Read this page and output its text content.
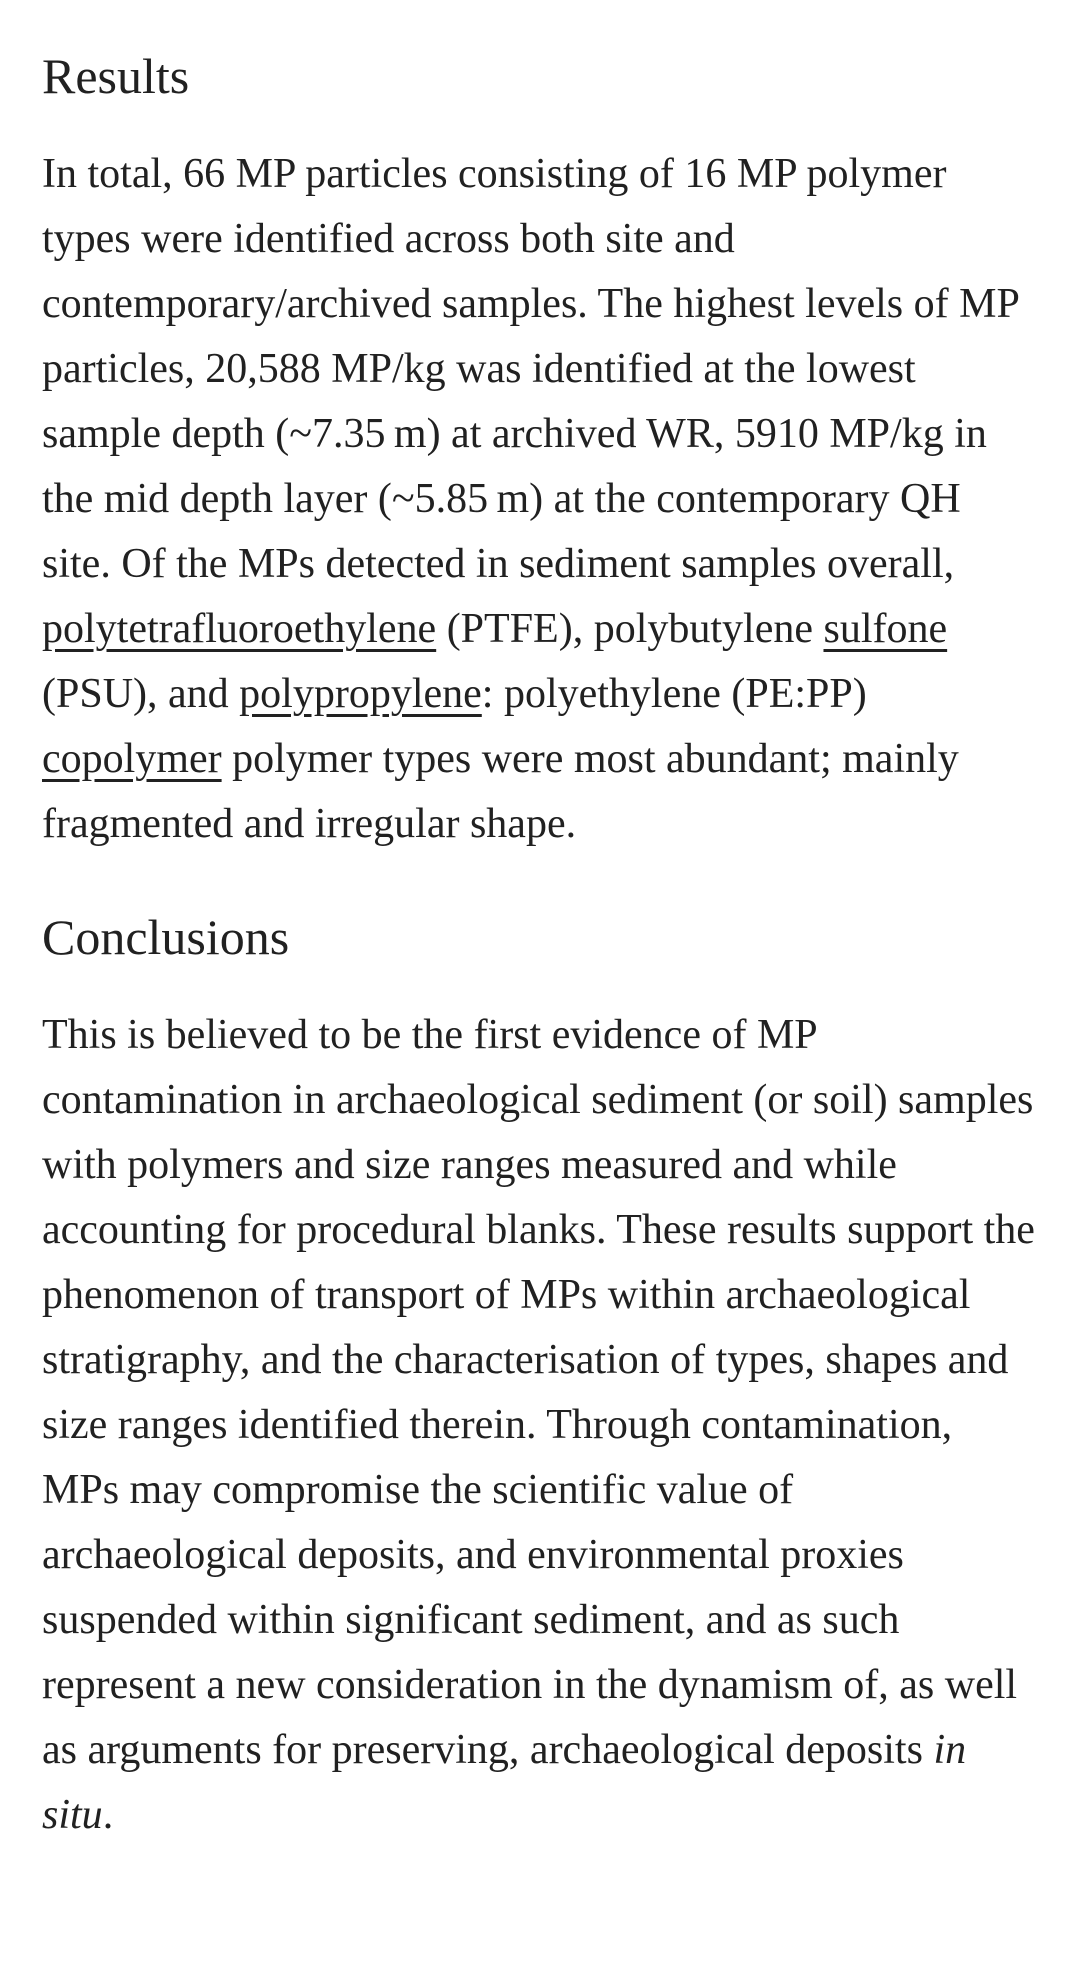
Results

In total, 66 MP particles consisting of 16 MP polymer types were identified across both site and contemporary/archived samples. The highest levels of MP particles, 20,588 MP/kg was identified at the lowest sample depth (~7.35 m) at archived WR, 5910 MP/kg in the mid depth layer (~5.85 m) at the contemporary QH site. Of the MPs detected in sediment samples overall, polytetrafluoroethylene (PTFE), polybutylene sulfone (PSU), and polypropylene: polyethylene (PE:PP) copolymer polymer types were most abundant; mainly fragmented and irregular shape.

Conclusions

This is believed to be the first evidence of MP contamination in archaeological sediment (or soil) samples with polymers and size ranges measured and while accounting for procedural blanks. These results support the phenomenon of transport of MPs within archaeological stratigraphy, and the characterisation of types, shapes and size ranges identified therein. Through contamination, MPs may compromise the scientific value of archaeological deposits, and environmental proxies suspended within significant sediment, and as such represent a new consideration in the dynamism of, as well as arguments for preserving, archaeological deposits in situ.
